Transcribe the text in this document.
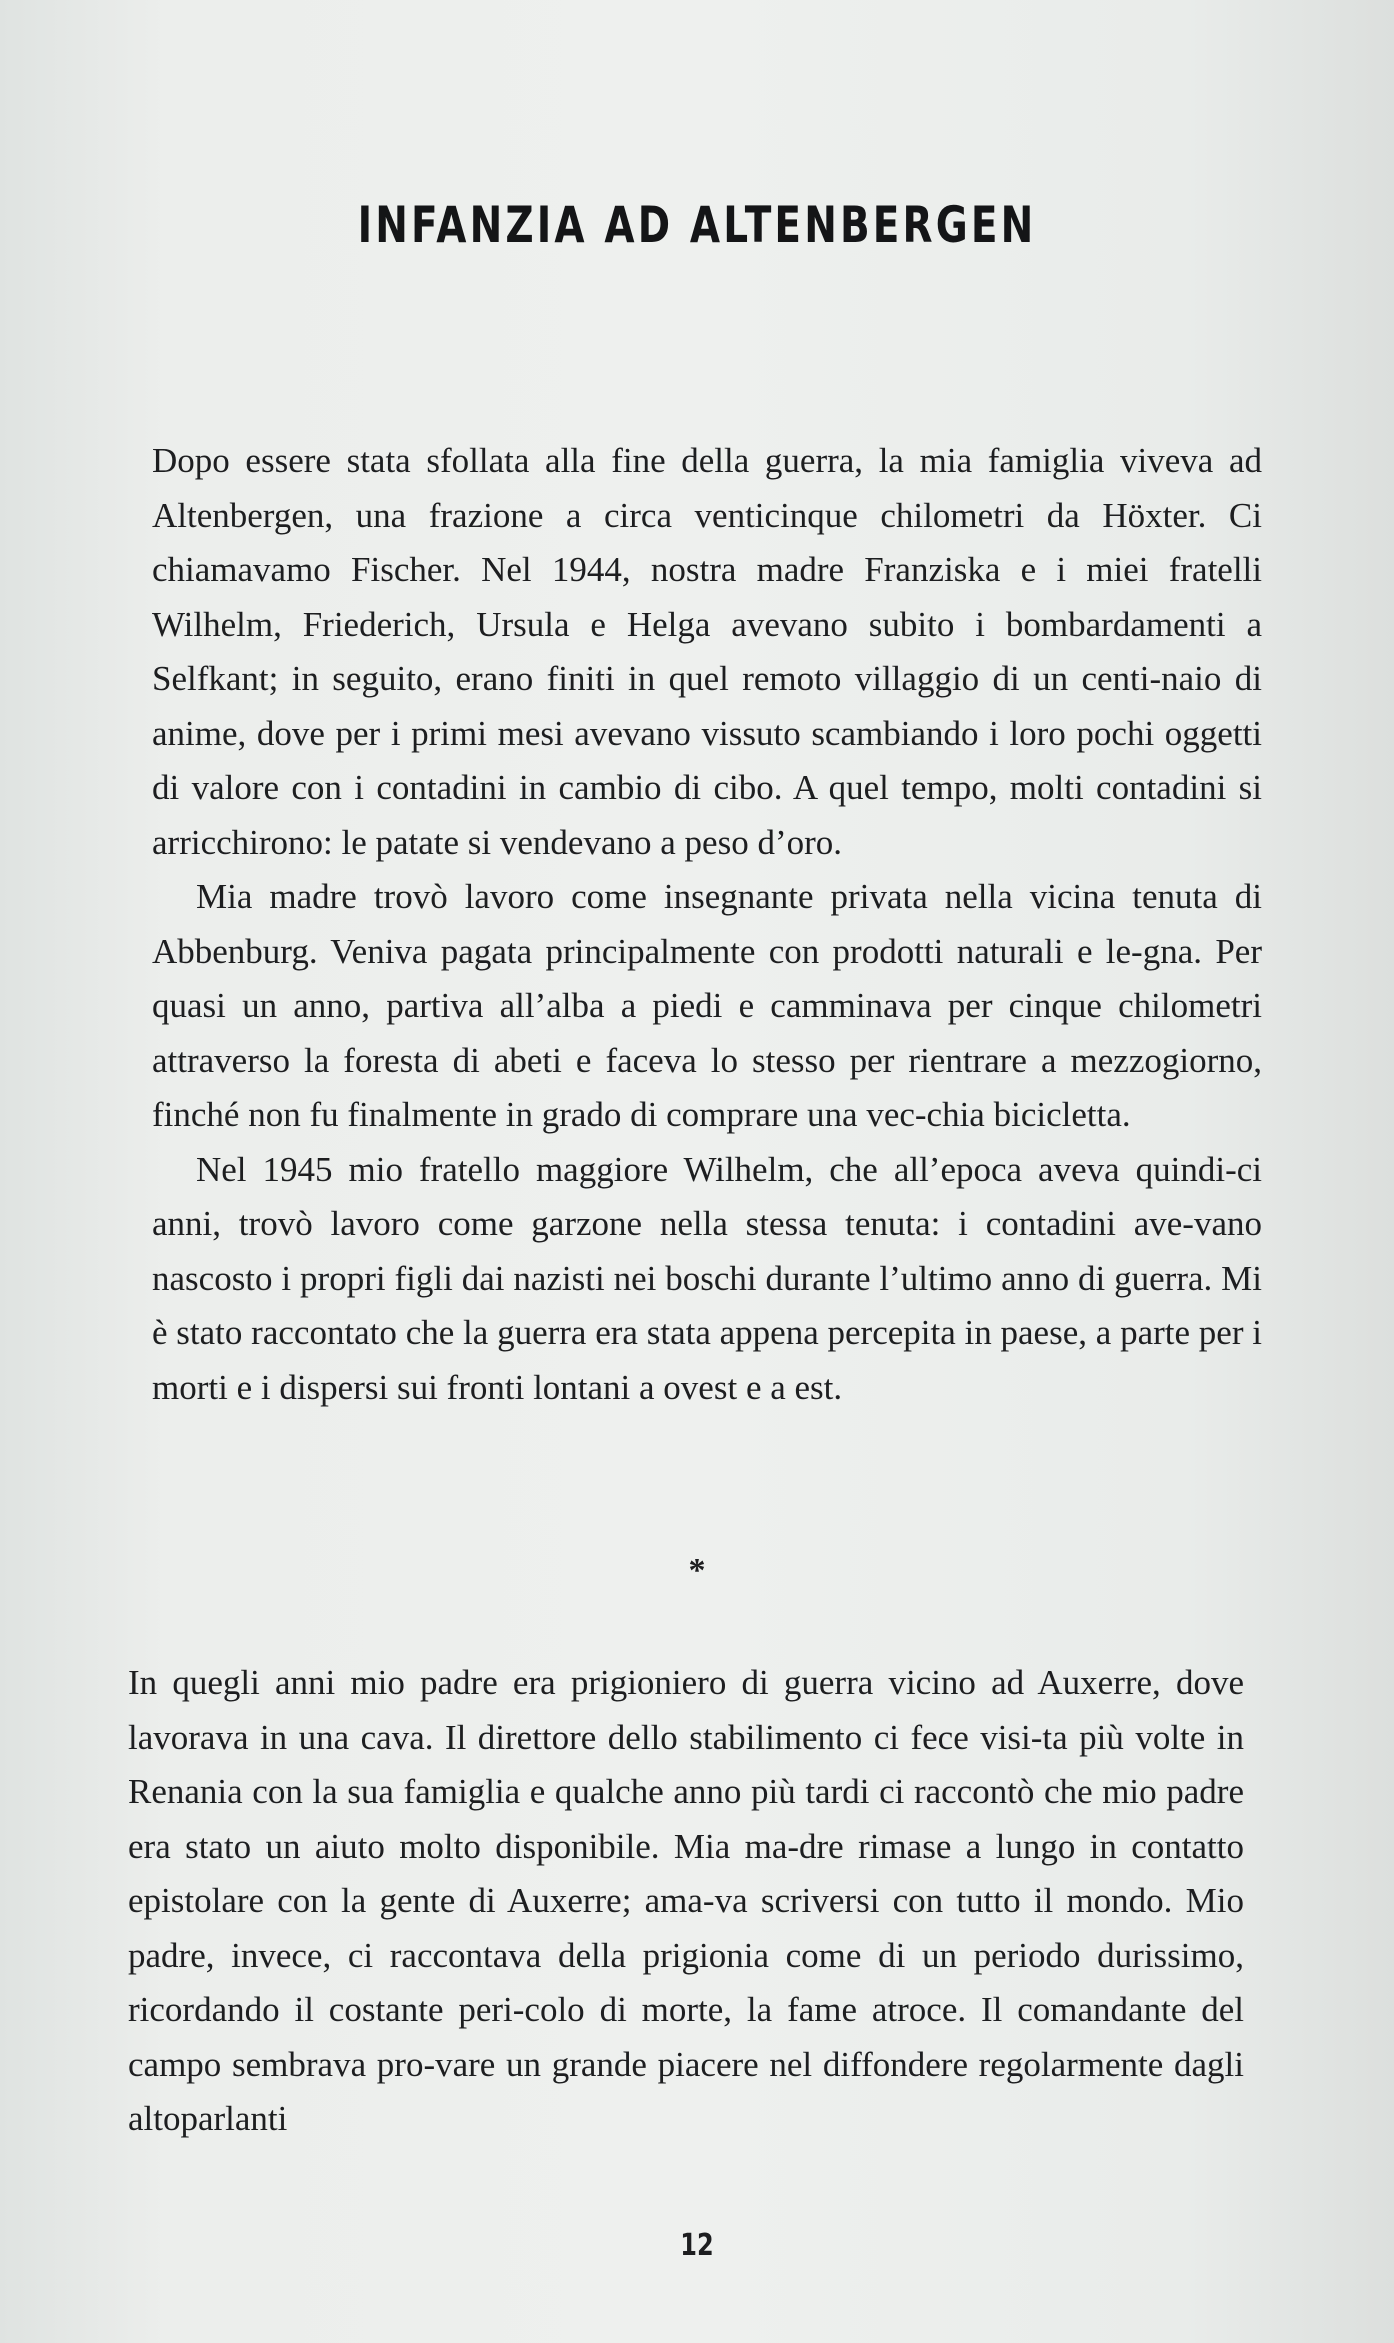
INFANZIA AD ALTENBERGEN

Dopo essere stata sfollata alla fine della guerra, la mia famiglia viveva ad Altenbergen, una frazione a circa venticinque chilometri da Höxter. Ci chiamavamo Fischer. Nel 1944, nostra madre Franziska e i miei fratelli Wilhelm, Friederich, Ursula e Helga avevano subito i bombardamenti a Selfkant; in seguito, erano finiti in quel remoto villaggio di un centi-naio di anime, dove per i primi mesi avevano vissuto scambiando i loro pochi oggetti di valore con i contadini in cambio di cibo. A quel tempo, molti contadini si arricchirono: le patate si vendevano a peso d’oro.

Mia madre trovò lavoro come insegnante privata nella vicina tenuta di Abbenburg. Veniva pagata principalmente con prodotti naturali e le-gna. Per quasi un anno, partiva all’alba a piedi e camminava per cinque chilometri attraverso la foresta di abeti e faceva lo stesso per rientrare a mezzogiorno, finché non fu finalmente in grado di comprare una vec-chia bicicletta.

Nel 1945 mio fratello maggiore Wilhelm, che all’epoca aveva quindi-ci anni, trovò lavoro come garzone nella stessa tenuta: i contadini ave-vano nascosto i propri figli dai nazisti nei boschi durante l’ultimo anno di guerra. Mi è stato raccontato che la guerra era stata appena percepita in paese, a parte per i morti e i dispersi sui fronti lontani a ovest e a est.

*

In quegli anni mio padre era prigioniero di guerra vicino ad Auxerre, dove lavorava in una cava. Il direttore dello stabilimento ci fece visi-ta più volte in Renania con la sua famiglia e qualche anno più tardi ci raccontò che mio padre era stato un aiuto molto disponibile. Mia ma-dre rimase a lungo in contatto epistolare con la gente di Auxerre; ama-va scriversi con tutto il mondo. Mio padre, invece, ci raccontava della prigionia come di un periodo durissimo, ricordando il costante peri-colo di morte, la fame atroce. Il comandante del campo sembrava pro-vare un grande piacere nel diffondere regolarmente dagli altoparlanti

12
